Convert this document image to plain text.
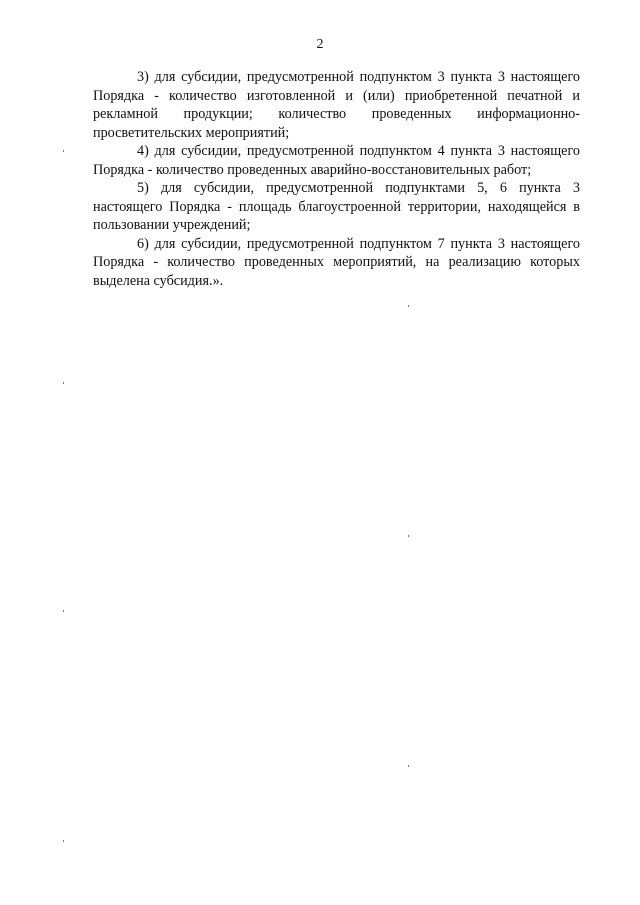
2

3) для субсидии, предусмотренной подпунктом 3 пункта 3 настоящего Порядка - количество изготовленной и (или) приобретенной печатной и рекламной продукции; количество проведенных информационно-просветительских мероприятий;

4) для субсидии, предусмотренной подпунктом 4 пункта 3 настоящего Порядка - количество проведенных аварийно-восстановительных работ;

5) для субсидии, предусмотренной подпунктами 5, 6 пункта 3 настоящего Порядка - площадь благоустроенной территории, находящейся в пользовании учреждений;

6) для субсидии, предусмотренной подпунктом 7 пункта 3 настоящего Порядка - количество проведенных мероприятий, на реализацию которых выделена субсидия.».
